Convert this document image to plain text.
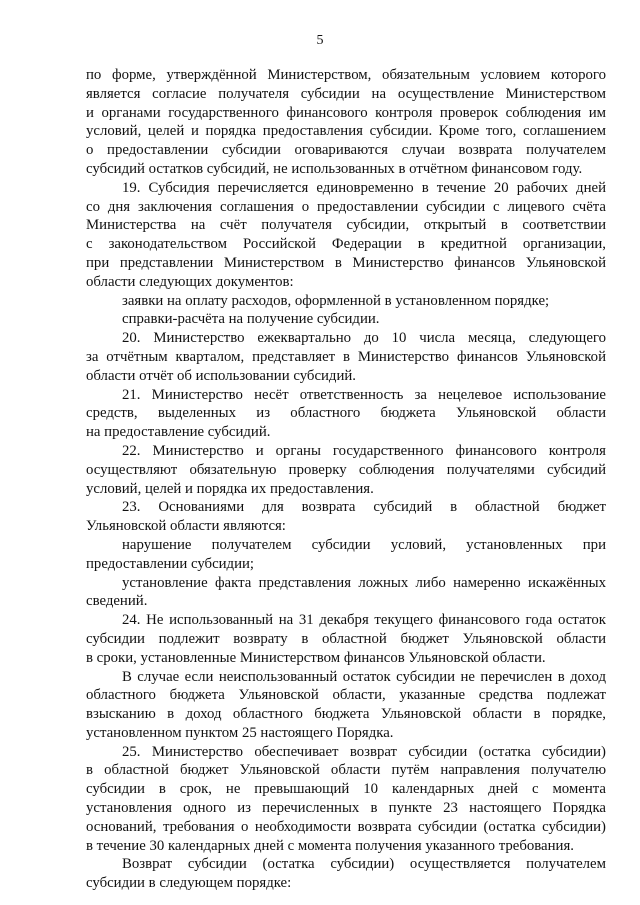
5
по форме, утверждённой Министерством, обязательным условием которого
является согласие получателя субсидии на осуществление Министерством
и органами государственного финансового контроля проверок соблюдения им
условий, целей и порядка предоставления субсидии. Кроме того, соглашением
о предоставлении субсидии оговариваются случаи возврата получателем
субсидий остатков субсидий, не использованных в отчётном финансовом году.
19. Субсидия перечисляется единовременно в течение 20 рабочих дней
со дня заключения соглашения о предоставлении субсидии с лицевого счёта
Министерства на счёт получателя субсидии, открытый в соответствии
с законодательством Российской Федерации в кредитной организации,
при представлении Министерством в Министерство финансов Ульяновской
области следующих документов:
заявки на оплату расходов, оформленной в установленном порядке;
справки-расчёта на получение субсидии.
20. Министерство ежеквартально до 10 числа месяца, следующего
за отчётным кварталом, представляет в Министерство финансов Ульяновской
области отчёт об использовании субсидий.
21. Министерство несёт ответственность за нецелевое использование
средств, выделенных из областного бюджета Ульяновской области
на предоставление субсидий.
22. Министерство и органы государственного финансового контроля
осуществляют обязательную проверку соблюдения получателями субсидий
условий, целей и порядка их предоставления.
23. Основаниями для возврата субсидий в областной бюджет
Ульяновской области являются:
нарушение получателем субсидии условий, установленных при
предоставлении субсидии;
установление факта представления ложных либо намеренно искажённых
сведений.
24. Не использованный на 31 декабря текущего финансового года остаток
субсидии подлежит возврату в областной бюджет Ульяновской области
в сроки, установленные Министерством финансов Ульяновской области.
В случае если неиспользованный остаток субсидии не перечислен в доход
областного бюджета Ульяновской области, указанные средства подлежат
взысканию в доход областного бюджета Ульяновской области в порядке,
установленном пунктом 25 настоящего Порядка.
25. Министерство обеспечивает возврат субсидии (остатка субсидии)
в областной бюджет Ульяновской области путём направления получателю
субсидии в срок, не превышающий 10 календарных дней с момента
установления одного из перечисленных в пункте 23 настоящего Порядка
оснований, требования о необходимости возврата субсидии (остатка субсидии)
в течение 30 календарных дней с момента получения указанного требования.
Возврат субсидии (остатка субсидии) осуществляется получателем
субсидии в следующем порядке:
